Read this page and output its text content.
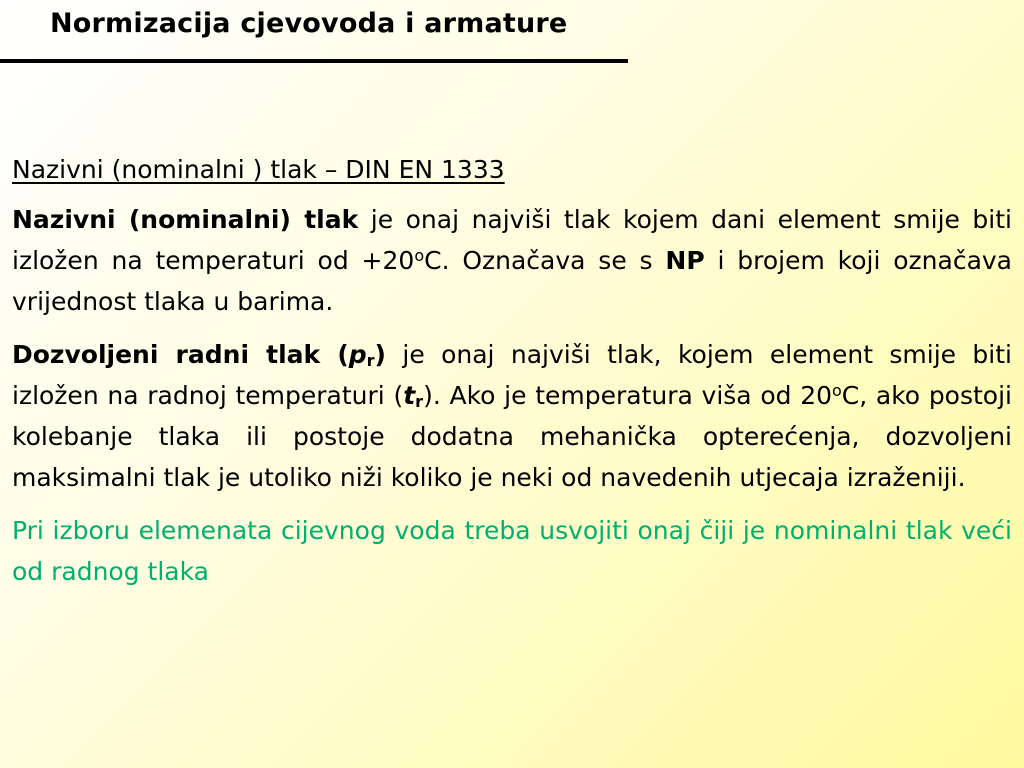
Normizacija cjevovoda i armature
Nazivni (nominalni ) tlak – DIN EN 1333

Nazivni (nominalni) tlak je onaj najviši tlak kojem dani element smije biti izložen na temperaturi od $+20^oC$. Označava se s NP i brojem koji označava vrijednost tlaka u barima.

Dozvoljeni radni tlak $(p_r)$ je onaj najviši tlak, kojem element smije biti izložen na radnoj temperaturi $(t_r)$. Ako je temperatura viša od 20$^o$C, ako postoji kolebanje tlaka ili postoje dodatna mehanička opterećenja, dozvoljeni maksimalni tlak je utoliko niži koliko je neki od navedenih utjecaja izraženiji.

Pri izboru elemenata cijevnog voda treba usvojiti onaj čiji je nominalni tlak veći od radnog tlaka
